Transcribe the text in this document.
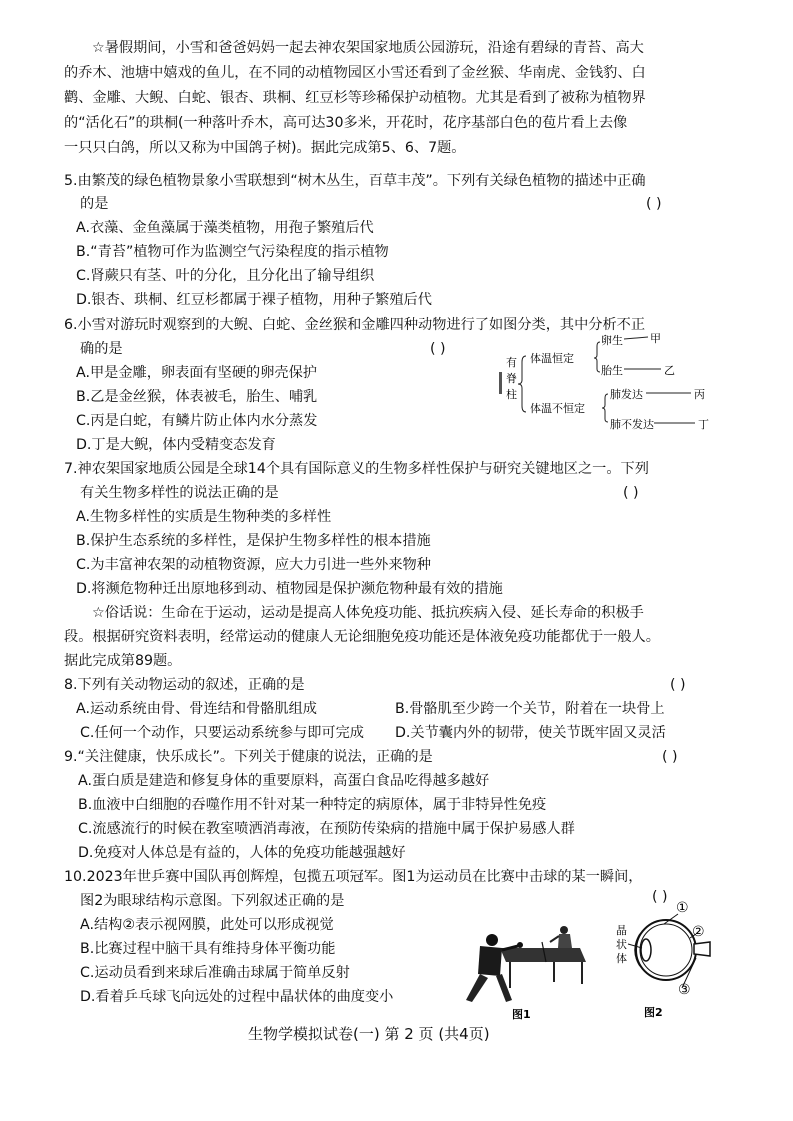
☆暑假期间，小雪和爸爸妈妈一起去神农架国家地质公园游玩，沿途有碧绿的青苔、高大
的乔木、池塘中嬉戏的鱼儿，在不同的动植物园区小雪还看到了金丝猴、华南虎、金钱豹、白
鹳、金雕、大鲵、白蛇、银杏、珙桐、红豆杉等珍稀保护动植物。尤其是看到了被称为植物界
的“活化石”的珙桐(一种落叶乔木，高可达30多米，开花时，花序基部白色的苞片看上去像
一只只白鸽，所以又称为中国鸽子树)。据此完成第5、6、7题。
5.由繁茂的绿色植物景象小雪联想到“树木丛生，百草丰茂”。下列有关绿色植物的描述中正确
的是	( )
A.衣藻、金鱼藻属于藻类植物，用孢子繁殖后代
B.“青苔”植物可作为监测空气污染程度的指示植物
C.肾蕨只有茎、叶的分化，且分化出了输导组织
D.银杏、珙桐、红豆杉都属于裸子植物，用种子繁殖后代
6.小雪对游玩时观察到的大鲵、白蛇、金丝猴和金雕四种动物进行了如图分类，其中分析不正
确的是	( )
A.甲是金雕，卵表面有坚硬的卵壳保护
B.乙是金丝猴，体表被毛，胎生、哺乳
C.丙是白蛇，有鳞片防止体内水分蒸发
D.丁是大鲵，体内受精变态发育
有
脊
柱
体温恒定
体温不恒定
卵生
胎生
肺发达
肺不发达
甲
乙
丙
丁
7.神农架国家地质公园是全球14个具有国际意义的生物多样性保护与研究关键地区之一。下列
有关生物多样性的说法正确的是	( )
A.生物多样性的实质是生物种类的多样性
B.保护生态系统的多样性，是保护生物多样性的根本措施
C.为丰富神农架的动植物资源，应大力引进一些外来物种
D.将濒危物种迁出原地移到动、植物园是保护濒危物种最有效的措施
☆俗话说：生命在于运动，运动是提高人体免疫功能、抵抗疾病入侵、延长寿命的积极手
段。根据研究资料表明，经常运动的健康人无论细胞免疫功能还是体液免疫功能都优于一般人。
据此完成第89题。
8.下列有关动物运动的叙述，正确的是	( )
A.运动系统由骨、骨连结和骨骼肌组成	B.骨骼肌至少跨一个关节，附着在一块骨上
C.任何一个动作，只要运动系统参与即可完成 D.关节囊内外的韧带，使关节既牢固又灵活
9.“关注健康，快乐成长”。下列关于健康的说法，正确的是	( )
A.蛋白质是建造和修复身体的重要原料，高蛋白食品吃得越多越好
B.血液中白细胞的吞噬作用不针对某一种特定的病原体，属于非特异性免疫
C.流感流行的时候在教室喷洒消毒液，在预防传染病的措施中属于保护易感人群
D.免疫对人体总是有益的，人体的免疫功能越强越好
10.2023年世乒赛中国队再创辉煌，包揽五项冠军。图1为运动员在比赛中击球的某一瞬间，
图2为眼球结构示意图。下列叙述正确的是	( )
A.结构②表示视网膜，此处可以形成视觉
B.比赛过程中脑干具有维持身体平衡功能
C.运动员看到来球后准确击球属于简单反射
D.看着乒乓球飞向远处的过程中晶状体的曲度变小
图1
①
②
③
晶
状
体
图2
生物学模拟试卷(一) 第 2 页 (共4页)
